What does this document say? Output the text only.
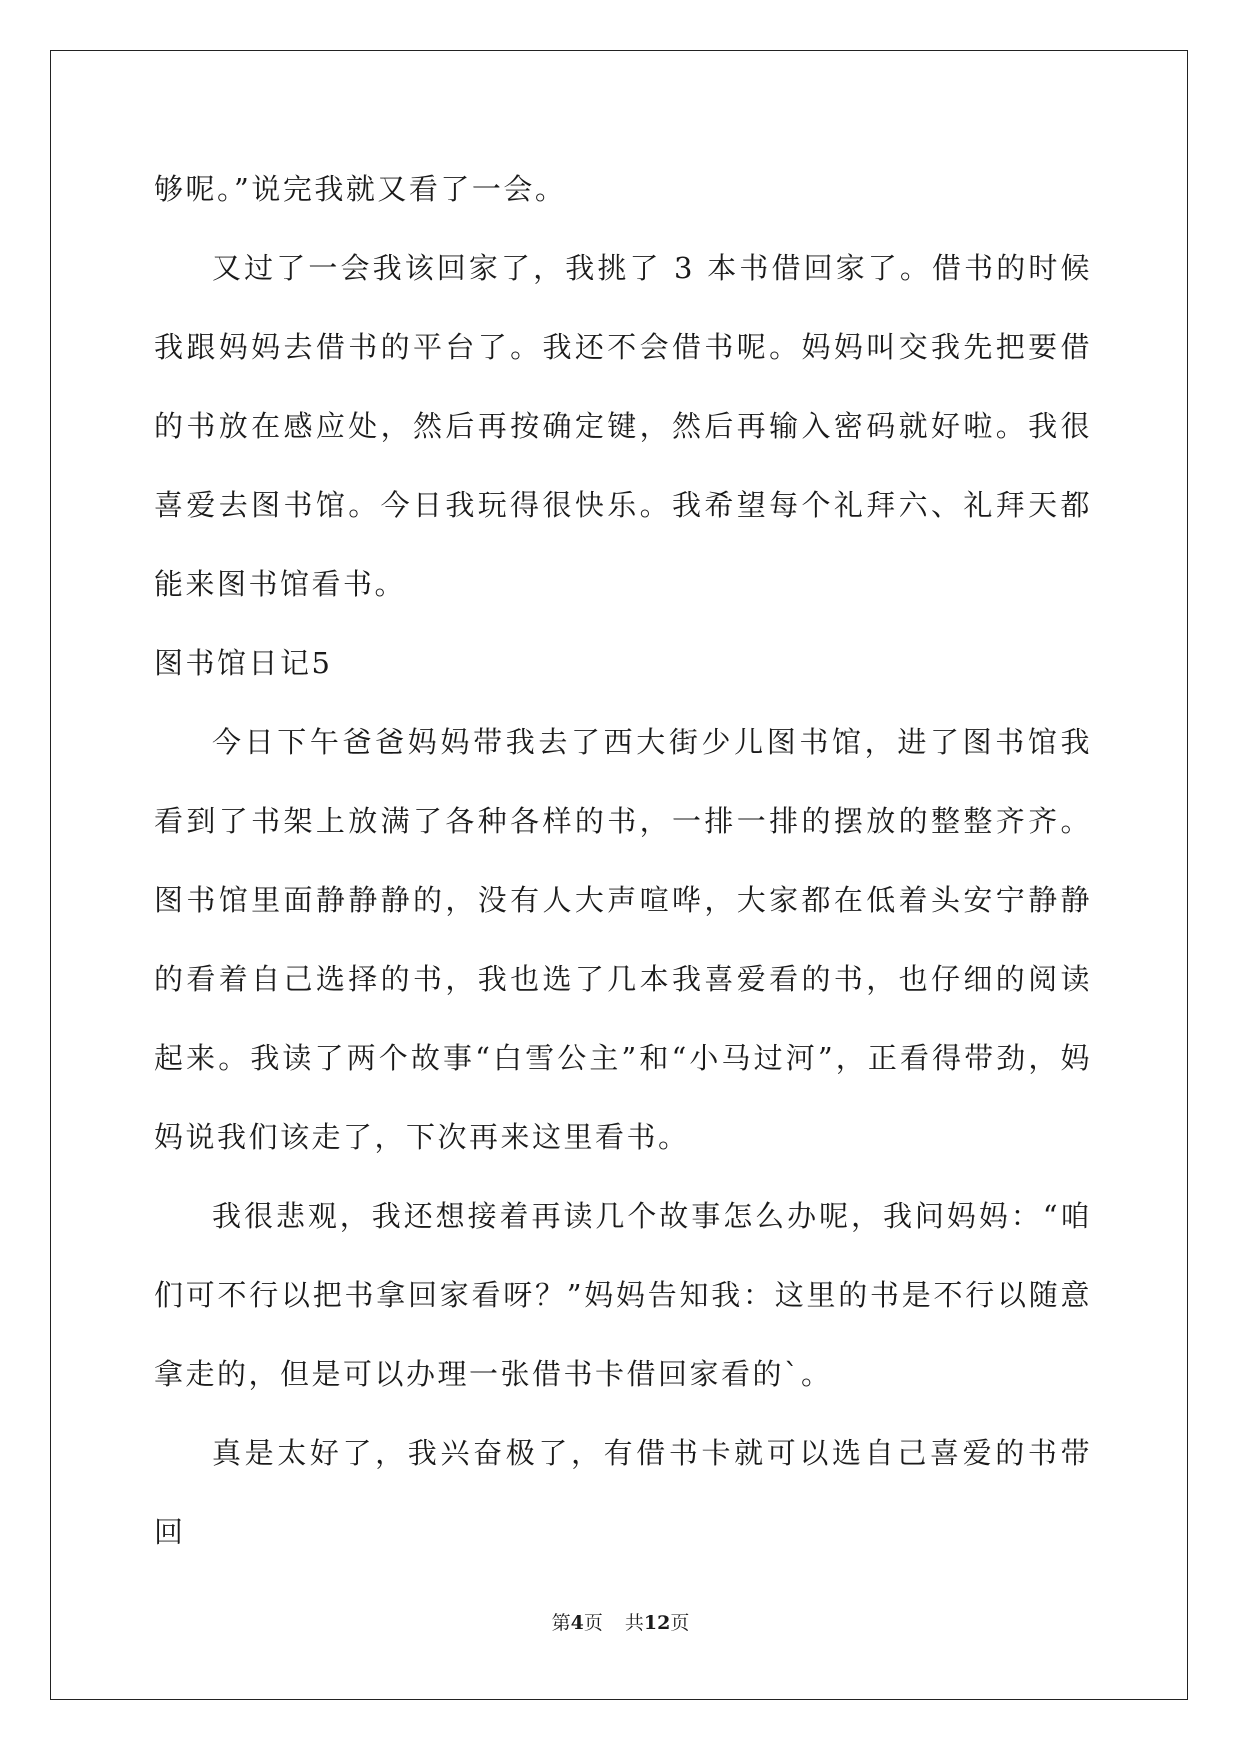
够呢。”说完我就又看了一会。

又过了一会我该回家了，我挑了 3 本书借回家了。借书的时候我跟妈妈去借书的平台了。我还不会借书呢。妈妈叫交我先把要借的书放在感应处，然后再按确定键，然后再输入密码就好啦。我很喜爱去图书馆。今日我玩得很快乐。我希望每个礼拜六、礼拜天都能来图书馆看书。

图书馆日记5

今日下午爸爸妈妈带我去了西大街少儿图书馆，进了图书馆我看到了书架上放满了各种各样的书，一排一排的摆放的整整齐齐。图书馆里面静静静的，没有人大声喧哗，大家都在低着头安宁静静的看着自己选择的书，我也选了几本我喜爱看的书，也仔细的阅读起来。我读了两个故事“白雪公主”和“小马过河”，正看得带劲，妈妈说我们该走了，下次再来这里看书。

我很悲观，我还想接着再读几个故事怎么办呢，我问妈妈：“咱们可不行以把书拿回家看呀？”妈妈告知我：这里的书是不行以随意拿走的，但是可以办理一张借书卡借回家看的`。

真是太好了，我兴奋极了，有借书卡就可以选自己喜爱的书带回

第4页 共12页
